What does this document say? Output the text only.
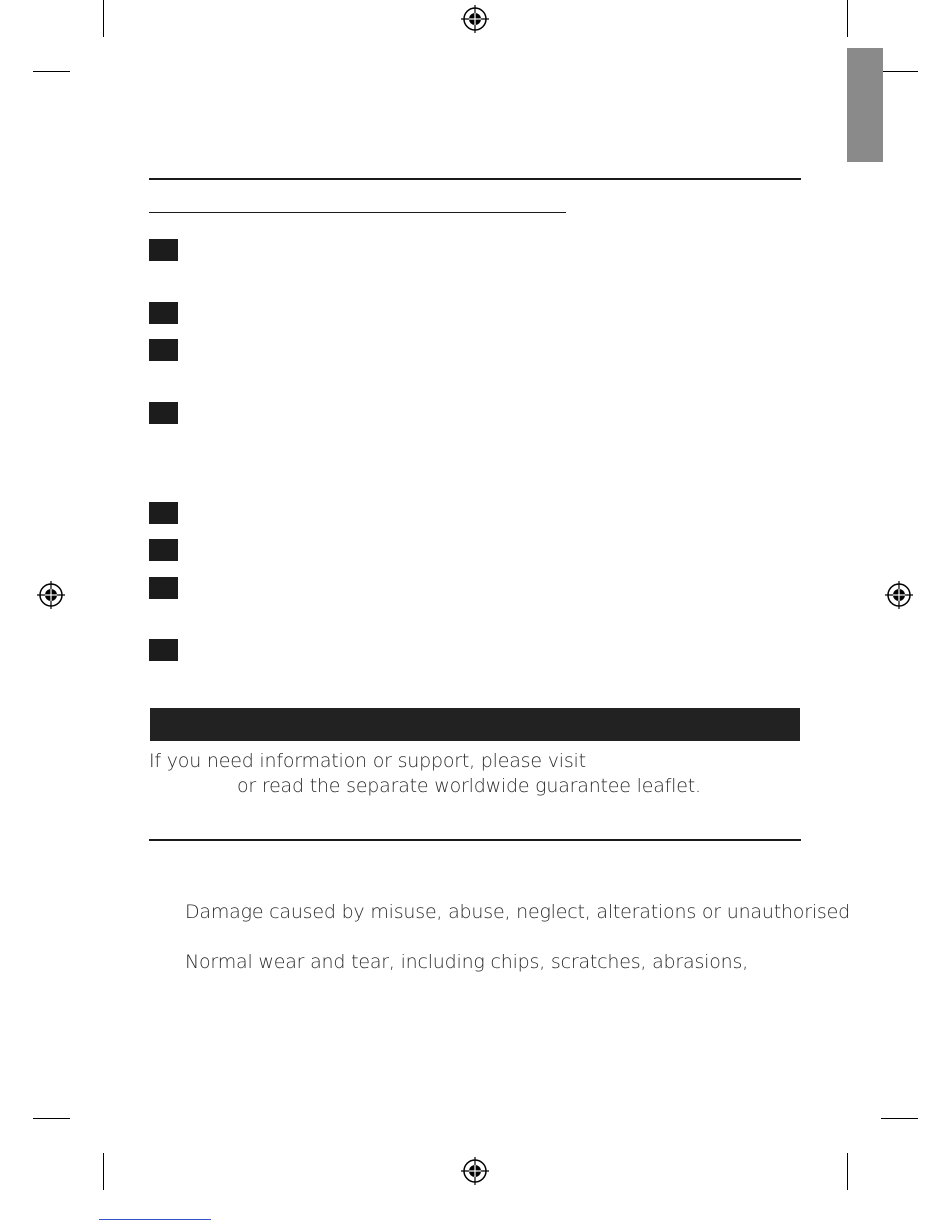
If you need information or support, please visit
or read the separate worldwide guarantee leaflet.
Damage caused by misuse, abuse, neglect, alterations or unauthorised
Normal wear and tear, including chips, scratches, abrasions,
